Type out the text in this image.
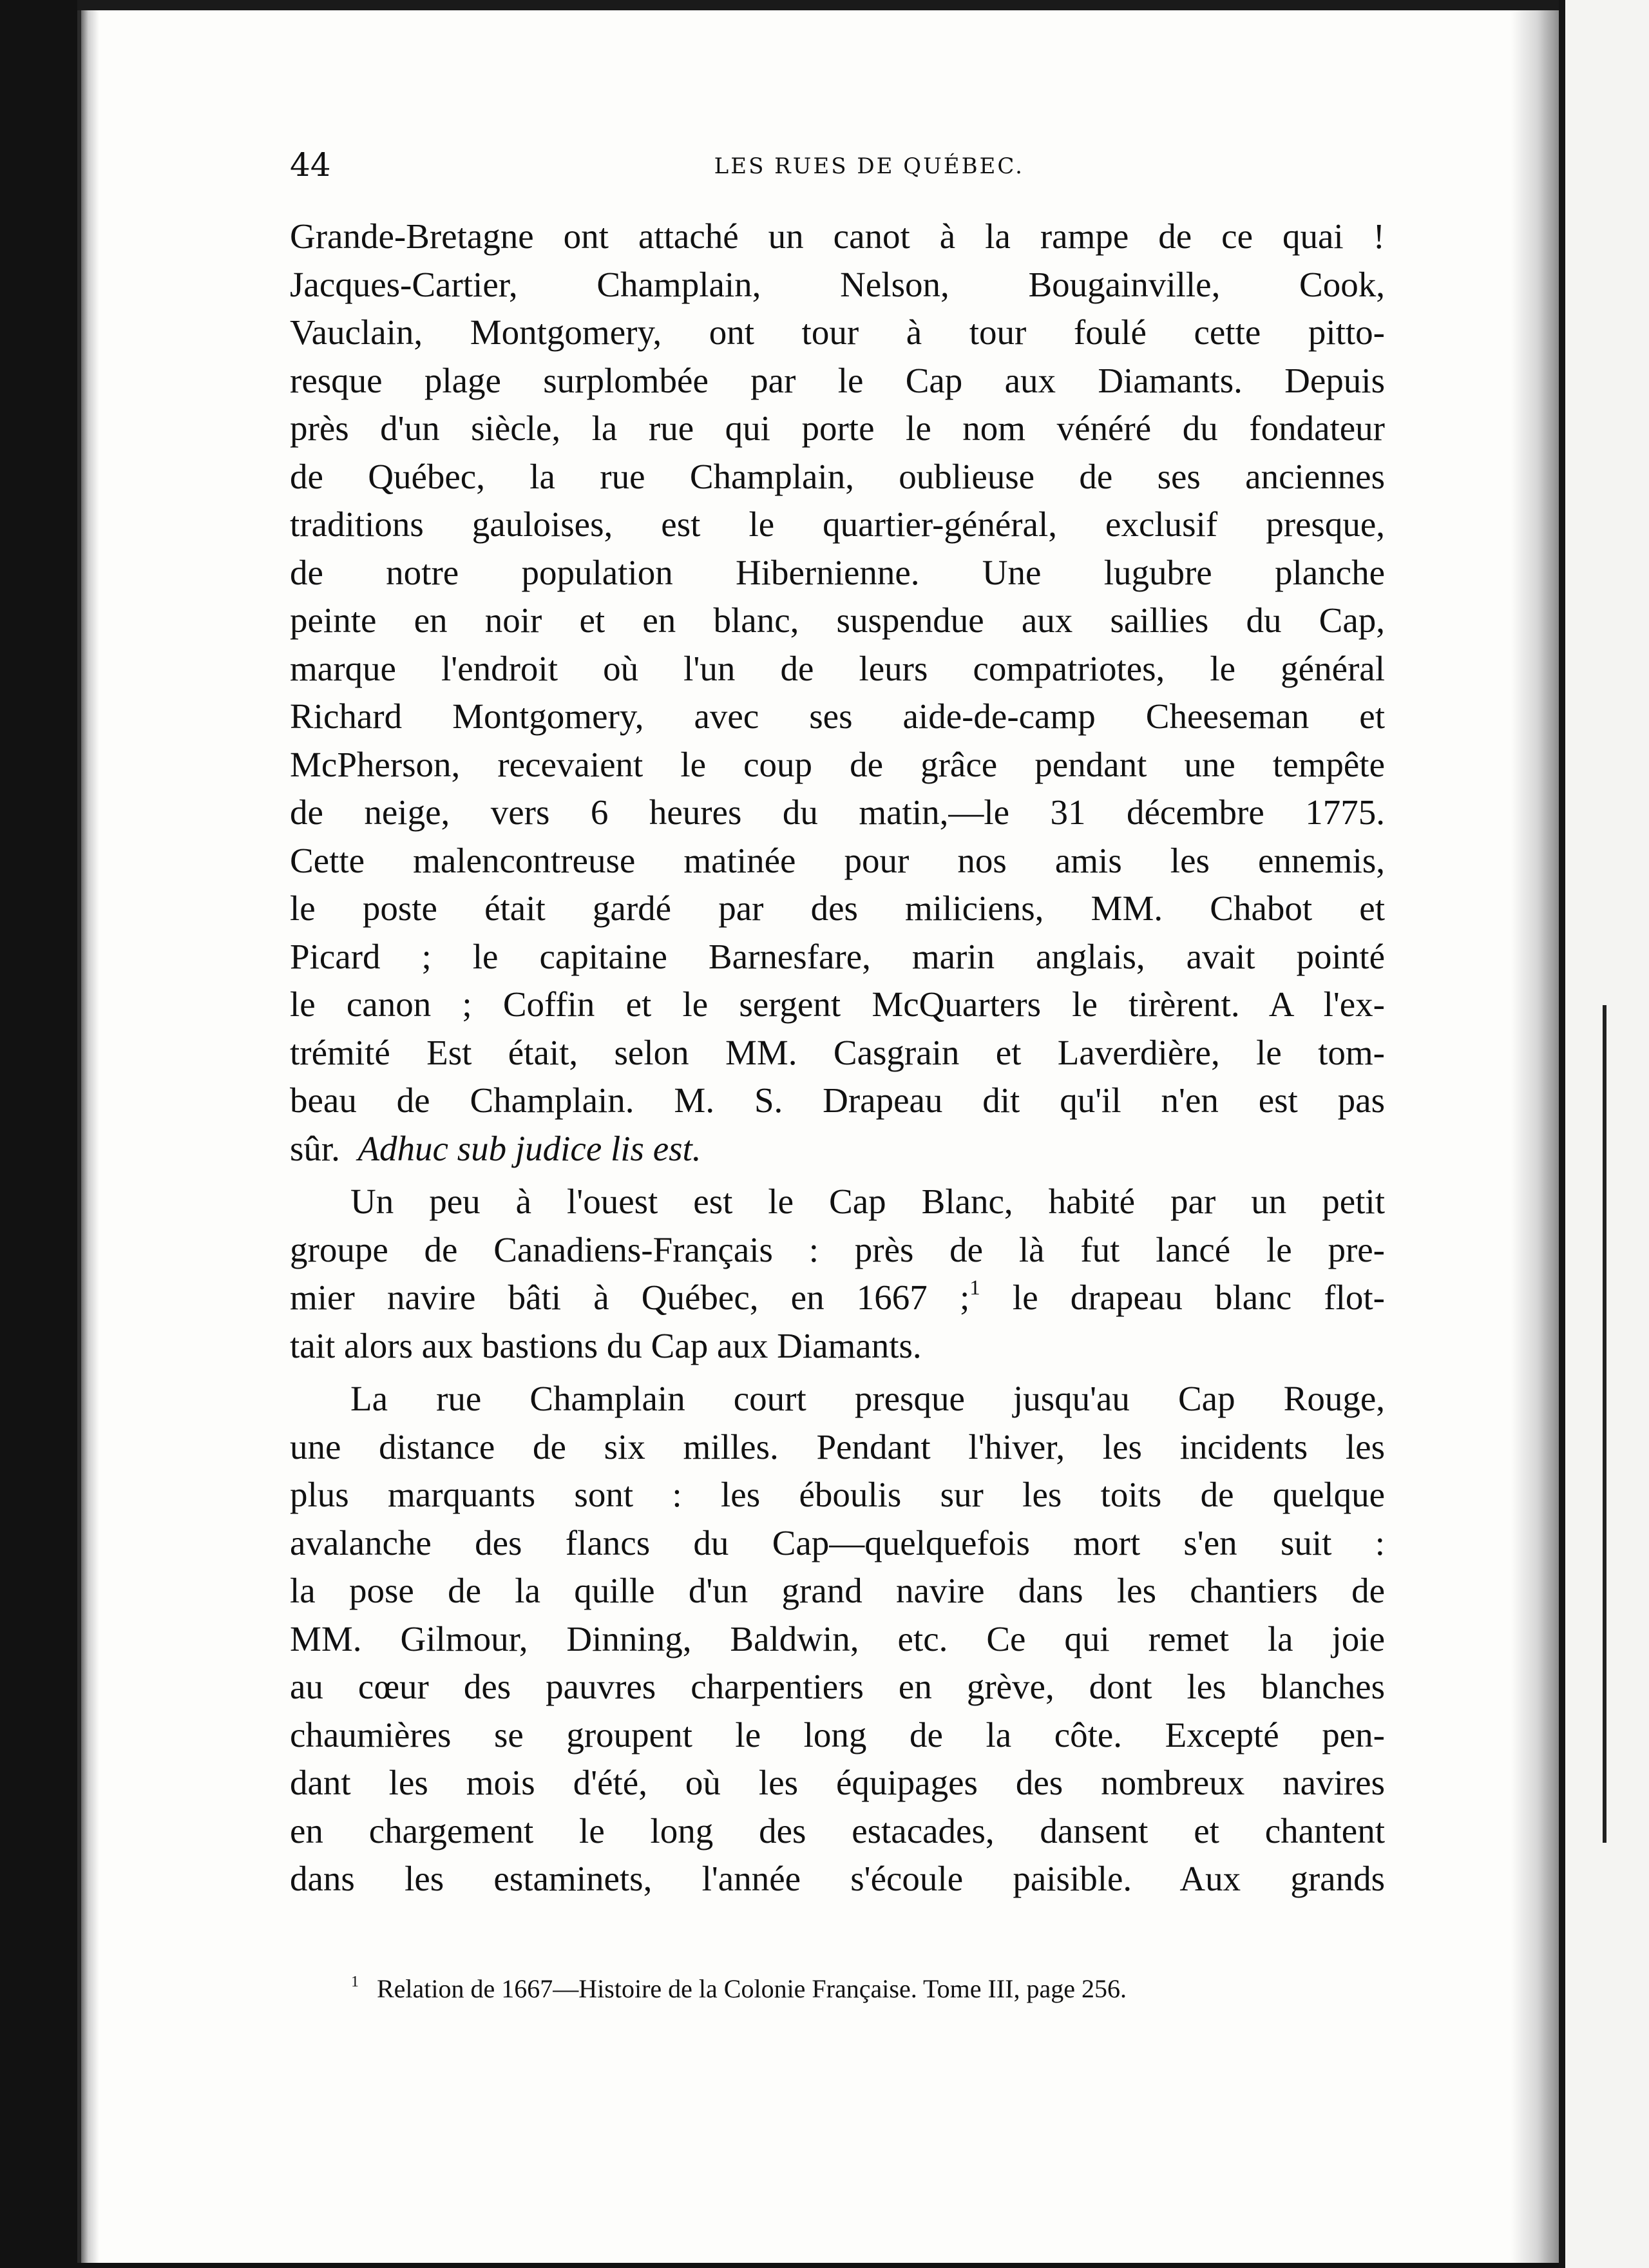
44	LES RUES DE QUÉBEC.
Grande-Bretagne ont attaché un canot à la rampe de ce quai !
Jacques-Cartier, Champlain, Nelson, Bougainville, Cook,
Vauclain, Montgomery, ont tour à tour foulé cette pitto-
resque plage surplombée par le Cap aux Diamants. Depuis
près d'un siècle, la rue qui porte le nom vénéré du fondateur
de Québec, la rue Champlain, oublieuse de ses anciennes
traditions gauloises, est le quartier-général, exclusif presque,
de notre population Hibernienne. Une lugubre planche
peinte en noir et en blanc, suspendue aux saillies du Cap,
marque l'endroit où l'un de leurs compatriotes, le général
Richard Montgomery, avec ses aide-de-camp Cheeseman et
McPherson, recevaient le coup de grâce pendant une tempête
de neige, vers 6 heures du matin,—le 31 décembre 1775.
Cette malencontreuse matinée pour nos amis les ennemis,
le poste était gardé par des miliciens, MM. Chabot et
Picard ; le capitaine Barnesfare, marin anglais, avait pointé
le canon ; Coffin et le sergent McQuarters le tirèrent. A l'ex-
trémité Est était, selon MM. Casgrain et Laverdière, le tom-
beau de Champlain. M. S. Drapeau dit qu'il n'en est pas
sûr. Adhuc sub judice lis est.
Un peu à l'ouest est le Cap Blanc, habité par un petit
groupe de Canadiens-Français : près de là fut lancé le pre-
mier navire bâti à Québec, en 1667 ;$^1$ le drapeau blanc flot-
tait alors aux bastions du Cap aux Diamants.
La rue Champlain court presque jusqu'au Cap Rouge,
une distance de six milles. Pendant l'hiver, les incidents les
plus marquants sont : les éboulis sur les toits de quelque
avalanche des flancs du Cap—quelquefois mort s'en suit :
la pose de la quille d'un grand navire dans les chantiers de
MM. Gilmour, Dinning, Baldwin, etc. Ce qui remet la joie
au cœur des pauvres charpentiers en grève, dont les blanches
chaumières se groupent le long de la côte. Excepté pen-
dant les mois d'été, où les équipages des nombreux navires
en chargement le long des estacades, dansent et chantent
dans les estaminets, l'année s'écoule paisible. Aux grands
$^1$ Relation de 1667—Histoire de la Colonie Française. Tome III, page 256.
